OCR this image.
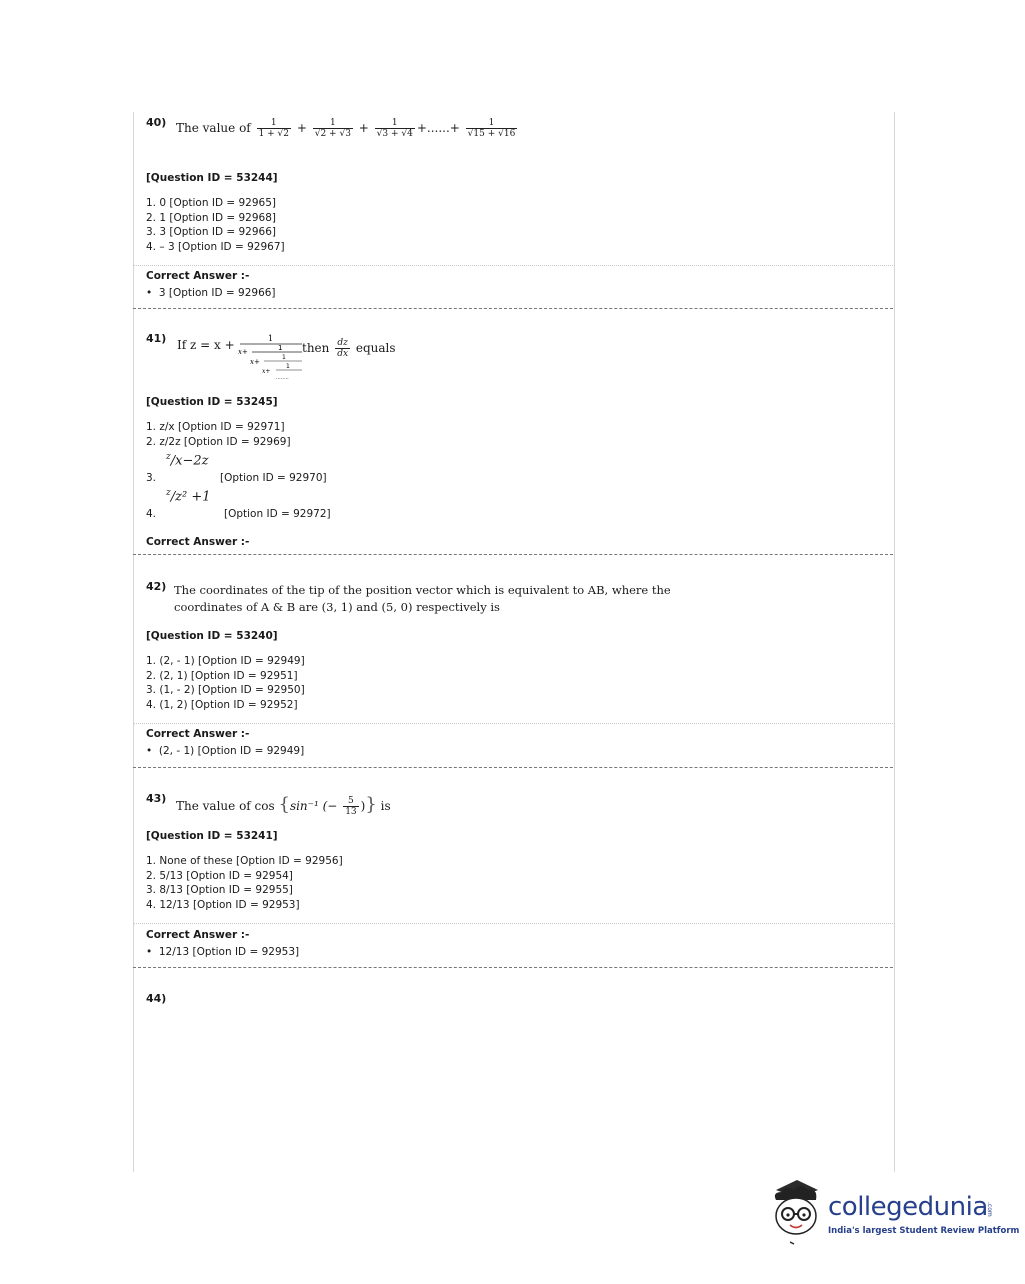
40) The value of $\frac{1}{1 + √2} + \frac{1}{√2 + √3} + \frac{1}{√3 + √4}$ +......+ $\frac{1}{√15 + √16}$
[Question ID = 53244]
1. 0 [Option ID = 92965]
2. 1 [Option ID = 92968]
3. 3 [Option ID = 92966]
4. – 3 [Option ID = 92967]
Correct Answer :-
•  3 [Option ID = 92966]
41) If z = x +	1
x+	1
x+
1
x+
1
........
then $\frac{dz}{dx}$ equals
[Question ID = 53245]
1. z/x [Option ID = 92971]
2. z/2z [Option ID = 92969]
3.
$^z$/x−2z
[Option ID = 92970]
4.
$^z$/z² +1
[Option ID = 92972]
Correct Answer :-
42) The coordinates of the tip of the position vector which is equivalent to AB, where the
coordinates of A & B are (3, 1) and (5, 0) respectively is
[Question ID = 53240]
1. (2, - 1) [Option ID = 92949]
2. (2, 1) [Option ID = 92951]
3. (1, - 2) [Option ID = 92950]
4. (1, 2) [Option ID = 92952]
Correct Answer :-
•  (2, - 1) [Option ID = 92949]
43)
The value of cos {sin⁻¹ (− $\frac{5}{13}$ )} is
[Question ID = 53241]
1. None of these [Option ID = 92956]
2. 5/13 [Option ID = 92954]
3. 8/13 [Option ID = 92955]
4. 12/13 [Option ID = 92953]
Correct Answer :-
•  12/13 [Option ID = 92953]
44)
collegedunia
.com
India's largest Student Review Platform
